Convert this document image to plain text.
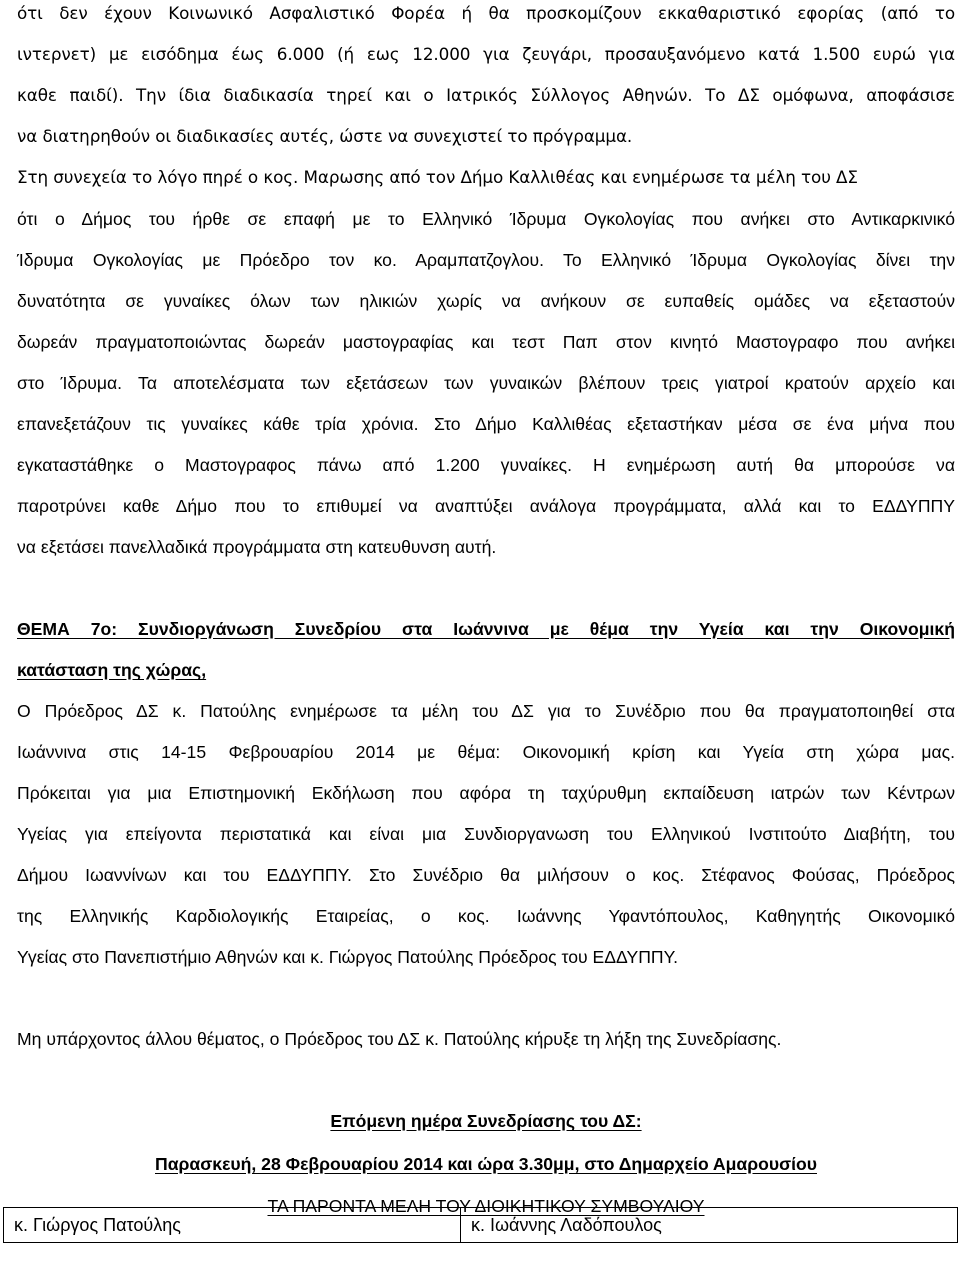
ότι δεν έχουν Κοινωνικό Ασφαλιστικό Φορέα ή θα προσκομίζουν εκκαθαριστικό εφορίας (από το
ιντερνετ) με εισόδημα έως 6.000 (ή εως 12.000 για ζευγάρι, προσαυξανόμενο κατά 1.500 ευρώ για
καθε παιδί). Την ίδια διαδικασία τηρεί και ο Ιατρικός Σύλλογος Αθηνών. Το ΔΣ ομόφωνα, αποφάσισε
να διατηρηθούν οι διαδικασίες αυτές, ώστε να συνεχιστεί το πρόγραμμα.
Στη συνεχεία το λόγο πηρέ ο κος. Μαρωσης από τον Δήμο Καλλιθέας και ενημέρωσε τα μέλη του ΔΣ
ότι ο Δήμος του ήρθε σε επαφή με το Ελληνικό Ίδρυμα Ογκολογίας που ανήκει στο Αντικαρκινικό
Ίδρυμα Ογκολογίας με Πρόεδρο τον κο. Αραμπατζογλου. Το Ελληνικό Ίδρυμα Ογκολογίας δίνει την
δυνατότητα σε γυναίκες όλων των ηλικιών χωρίς να ανήκουν σε ευπαθείς ομάδες να εξεταστούν
δωρεάν πραγματοποιώντας δωρεάν μαστογραφίας και τεστ Παπ στον κινητό Μαστογραφο που ανήκει
στο Ίδρυμα. Τα αποτελέσματα των εξετάσεων των γυναικών βλέπουν τρεις γιατροί κρατούν αρχείο και
επανεξετάζουν τις γυναίκες κάθε τρία χρόνια. Στο Δήμο Καλλιθέας εξεταστήκαν μέσα σε ένα μήνα που
εγκαταστάθηκε ο Μαστογραφος πάνω από 1.200 γυναίκες. Η ενημέρωση αυτή θα μπορούσε να
παροτρύνει καθε Δήμο που το επιθυμεί να αναπτύξει ανάλογα προγράμματα, αλλά και το ΕΔΔΥΠΠΥ
να εξετάσει πανελλαδικά προγράμματα στη κατευθυνση αυτή.
ΘΕΜΑ 7ο: Συνδιοργάνωση Συνεδρίου στα Ιωάννινα με θέμα την Υγεία και την Οικονομική
κατάσταση της χώρας,
Ο Πρόεδρος ΔΣ κ. Πατούλης ενημέρωσε τα μέλη του ΔΣ για το Συνέδριο που θα πραγματοποιηθεί στα
Ιωάννινα στις 14-15 Φεβρουαρίου 2014 με θέμα: Οικονομική κρίση και Υγεία στη χώρα μας.
Πρόκειται για μια Επιστημονική Εκδήλωση που αφόρα τη ταχύρυθμη εκπαίδευση ιατρών των Κέντρων
Υγείας για επείγοντα περιστατικά και είναι μια Συνδιοργανωση του Ελληνικού Ινστιτούτο Διαβήτη, του
Δήμου Ιωαννίνων και του ΕΔΔΥΠΠΥ. Στο Συνέδριο θα μιλήσουν ο κος. Στέφανος Φούσας, Πρόεδρος
της Ελληνικής Καρδιολογικής Εταιρείας, ο κος. Ιωάννης Υφαντόπουλος, Καθηγητής Οικονομικό
Υγείας στο Πανεπιστήμιο Αθηνών και κ. Γιώργος Πατούλης Πρόεδρος του ΕΔΔΥΠΠΥ.
Μη υπάρχοντος άλλου θέματος, ο Πρόεδρος του ΔΣ κ. Πατούλης κήρυξε τη λήξη της Συνεδρίασης.
Επόμενη ημέρα Συνεδρίασης του ΔΣ:
Παρασκευή, 28 Φεβρουαρίου 2014 και ώρα 3.30μμ, στο Δημαρχείο Αμαρουσίου
ΤΑ ΠΑΡΟΝΤΑ ΜΕΛΗ ΤΟΥ ΔΙΟΙΚΗΤΙΚΟΥ ΣΥΜΒΟΥΛΙΟΥ
κ. Γιώργος Πατούλης	κ. Ιωάννης Λαδόπουλος
